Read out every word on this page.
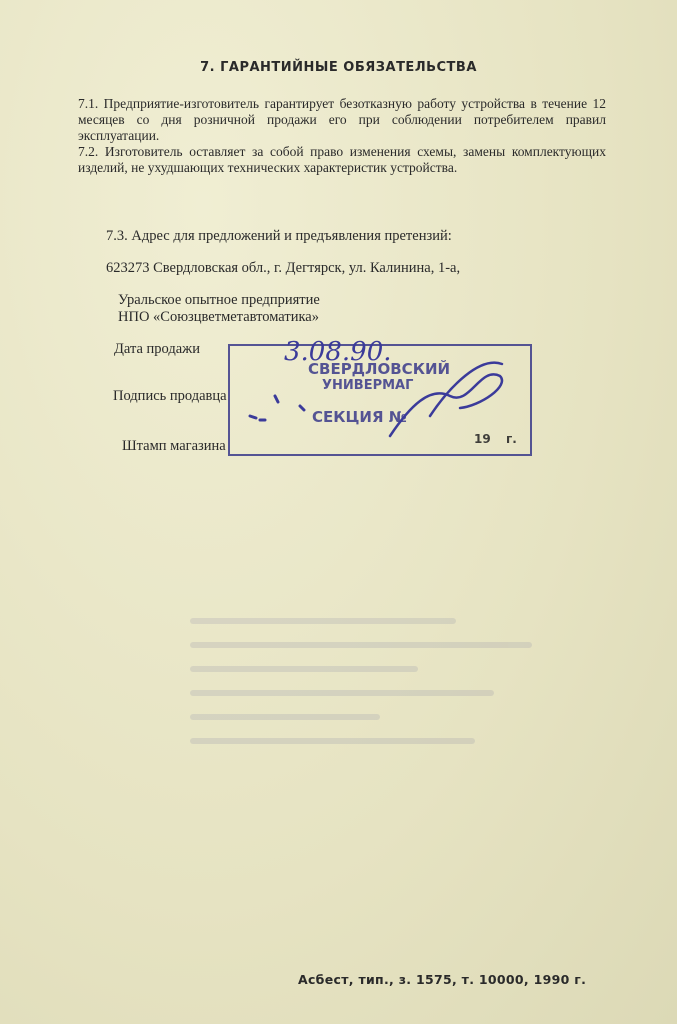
7. ГАРАНТИЙНЫЕ ОБЯЗАТЕЛЬСТВА
7.1. Предприятие-изготовитель гарантирует безотказную работу устройства в течение 12 месяцев со дня розничной продажи его при соблюдении потребителем правил эксплуатации.
7.2. Изготовитель оставляет за собой право изменения схемы, замены комплектующих изделий, не ухудшающих технических характеристик устройства.
7.3. Адрес для предложений и предъявления претензий:
623273 Свердловская обл., г. Дегтярск, ул. Калинина, 1-а,
Уральское опытное предприятие
НПО «Союзцветметавтоматика»
Дата продажи
Подпись продавца
Штамп магазина
СВЕРДЛОВСКИЙ
УНИВЕРМАГ
СЕКЦИЯ №
19 г.
3.08.90.
Асбест, тип., з. 1575, т. 10000, 1990 г.
